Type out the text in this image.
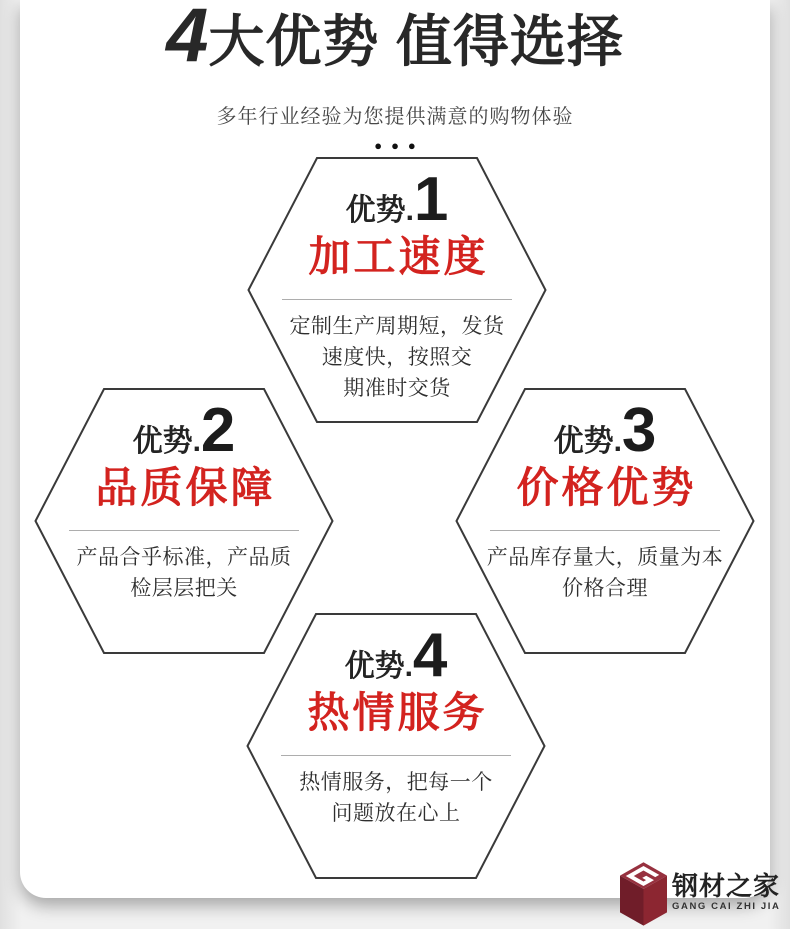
4大优势 值得选择
多年行业经验为您提供满意的购物体验
●●●
优势. 1
加工速度
定制生产周期短，发货
速度快，按照交
期准时交货
优势. 2
品质保障
产品合乎标准，产品质
检层层把关
优势. 3
价格优势
产品库存量大，质量为本
价格合理
优势. 4
热情服务
热情服务，把每一个
问题放在心上
钢材之家
GANG CAI ZHI JIA
